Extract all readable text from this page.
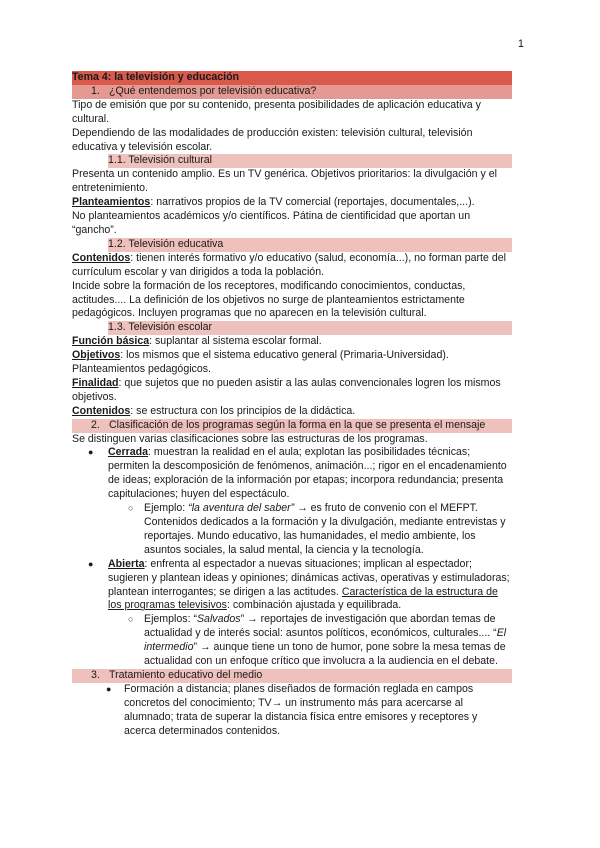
1
Tema 4: la televisión y educación
1. ¿Qué entendemos por televisión educativa?

Tipo de emisión que por su contenido, presenta posibilidades de aplicación educativa y cultural.

Dependiendo de las modalidades de producción existen: televisión cultural, televisión educativa y televisión escolar.

1.1. Televisión cultural

Presenta un contenido amplio. Es un TV genérica. Objetivos prioritarios: la divulgación y el entretenimiento.

Planteamientos: narrativos propios de la TV comercial (reportajes, documentales,...).

No planteamientos académicos y/o científicos. Pátina de cientificidad que aportan un “gancho”.

1.2. Televisión educativa

Contenidos: tienen interés formativo y/o educativo (salud, economía...), no forman parte del currículum escolar y van dirigidos a toda la población.

Incide sobre la formación de los receptores, modificando conocimientos, conductas, actitudes.... La definición de los objetivos no surge de planteamientos estrictamente pedagógicos. Incluyen programas que no aparecen en la televisión cultural.

1.3. Televisión escolar

Función básica: suplantar al sistema escolar formal.

Objetivos: los mismos que el sistema educativo general (Primaria-Universidad). Planteamientos pedagógicos.

Finalidad: que sujetos que no pueden asistir a las aulas convencionales logren los mismos objetivos.

Contenidos: se estructura con los principios de la didáctica.

2. Clasificación de los programas según la forma en la que se presenta el mensaje

Se distinguen varias clasificaciones sobre las estructuras de los programas.

● Cerrada: muestran la realidad en el aula; explotan las posibilidades técnicas; permiten la descomposición de fenómenos, animación...; rigor en el encadenamiento de ideas; exploración de la información por etapas; incorpora redundancia; presenta capitulaciones; huyen del espectáculo.
○ Ejemplo: “la aventura del saber” → es fruto de convenio con el MEFPT. Contenidos dedicados a la formación y la divulgación, mediante entrevistas y reportajes. Mundo educativo, las humanidades, el medio ambiente, los asuntos sociales, la salud mental, la ciencia y la tecnología.
● Abierta: enfrenta al espectador a nuevas situaciones; implican al espectador; sugieren y plantean ideas y opiniones; dinámicas activas, operativas y estimuladoras; plantean interrogantes; se dirigen a las actitudes. Característica de la estructura de los programas televisivos: combinación ajustada y equilibrada.
○ Ejemplos: “Salvados” → reportajes de investigación que abordan temas de actualidad y de interés social: asuntos políticos, económicos, culturales.... “El intermedio” → aunque tiene un tono de humor, pone sobre la mesa temas de actualidad con un enfoque crítico que involucra a la audiencia en el debate.
3. Tratamiento educativo del medio
● Formación a distancia; planes diseñados de formación reglada en campos concretos del conocimiento; TV→ un instrumento más para acercarse al alumnado; trata de superar la distancia física entre emisores y receptores y acerca determinados contenidos.
